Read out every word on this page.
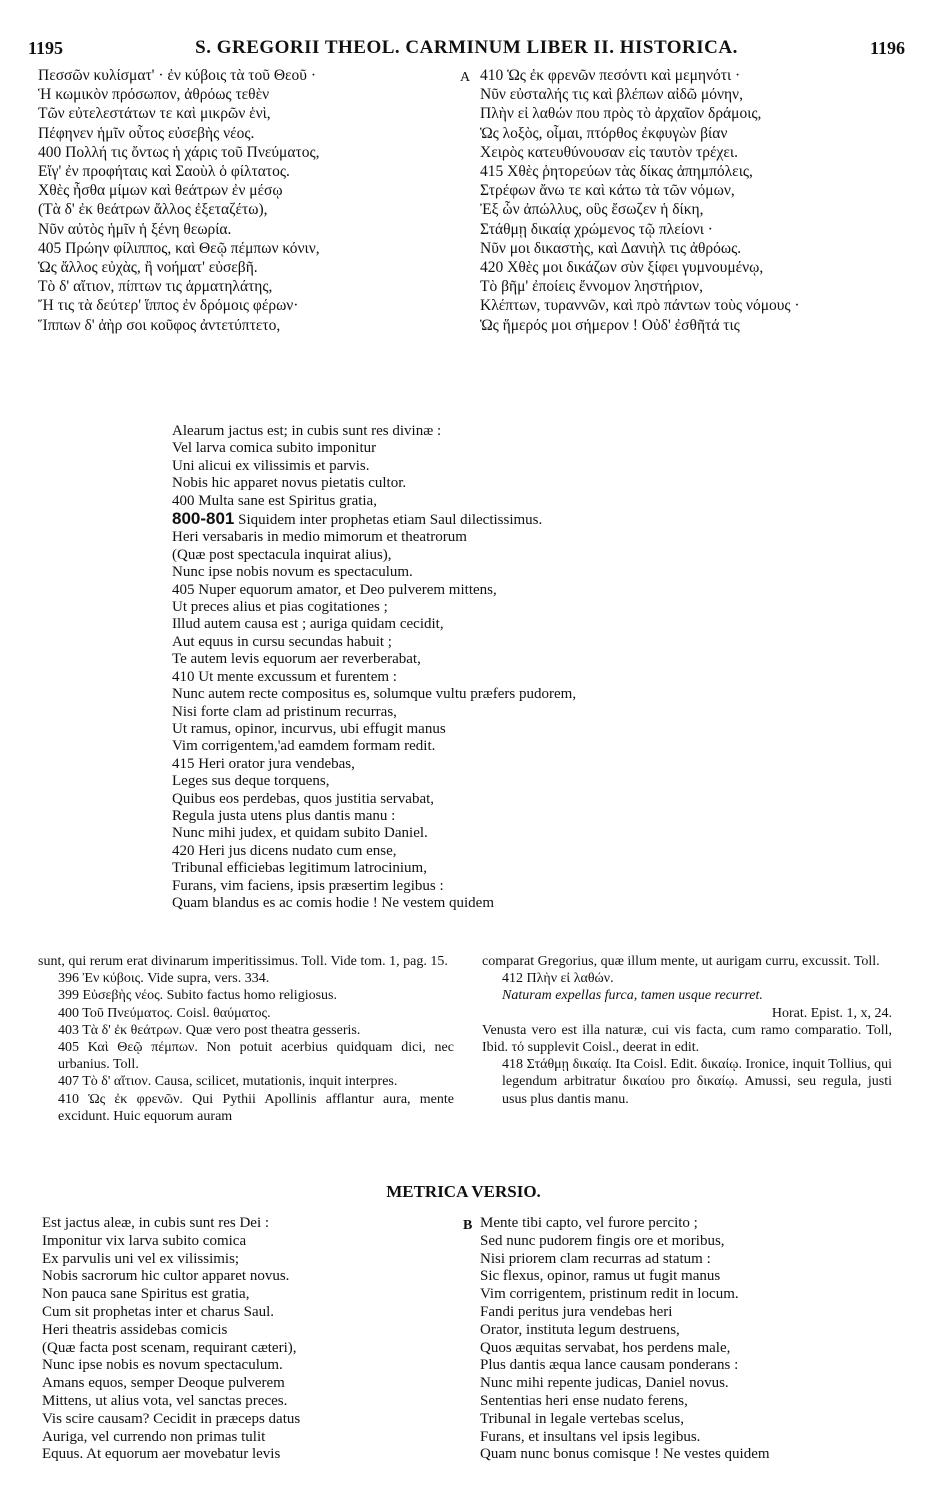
1195	S. GREGORII THEOL. CARMINUM LIBER II. HISTORICA.	1196
Πεσσῶν κυλίσματ' · ἐν κύβοις τὰ τοῦ Θεοῦ ·
Ἡ κωμικὸν πρόσωπον, ἀθρόως τεθὲν
Τῶν εὐτελεστάτων τε καὶ μικρῶν ἑνὶ,
Πέφηνεν ἡμῖν οὗτος εὐσεβὴς νέος.
400 Πολλή τις ὄντως ἡ χάρις τοῦ Πνεύματος,
Εἴγ' ἐν προφήταις καὶ Σαοὺλ ὁ φίλτατος.
Χθὲς ἦσθα μίμων καὶ θεάτρων ἐν μέσῳ
(Τὰ δ' ἐκ θεάτρων ἄλλος ἐξεταζέτω),
Νῦν αὐτὸς ἡμῖν ἡ ξένη θεωρία.
405 Πρώην φίλιππος, καὶ Θεῷ πέμπων κόνιν,
Ὡς ἄλλος εὐχὰς, ἢ νοήματ' εὐσεβῆ.
Τὸ δ' αἴτιον, πίπτων τις ἁρματηλάτης,
Ἤ τις τὰ δεύτερ' ἵππος ἐν δρόμοις φέρων·
Ἵππων δ' ἀὴρ σοι κοῦφος ἀντετύπτετο,
A 410 Ὡς ἐκ φρενῶν πεσόντι καὶ μεμηνότι ·
Νῦν εὐσταλής τις καὶ βλέπων αἰδῶ μόνην,
Πλὴν εἰ λαθών που πρὸς τὸ ἀρχαῖον δράμοις,
Ὡς λοξὸς, οἶμαι, πτόρθος ἐκφυγὼν βίαν
Χειρὸς κατευθύνουσαν εἰς ταυτὸν τρέχει.
415 Χθὲς ῥητορεύων τὰς δίκας ἀπημπόλεις,
Στρέφων ἄνω τε καὶ κάτω τὰ τῶν νόμων,
Ἐξ ὧν ἀπώλλυς, οὓς ἔσωζεν ἡ δίκη,
Στάθμῃ δικαίᾳ χρώμενος τῷ πλείονι ·
Νῦν μοι δικαστὴς, καὶ Δανιὴλ τις ἀθρόως.
420 Χθὲς μοι δικάζων σὺν ξίφει γυμνουμένῳ,
Τὸ βῆμ' ἐποίεις ἔννομον ληστήριον,
Κλέπτων, τυραννῶν, καὶ πρὸ πάντων τοὺς νόμους ·
Ὡς ἥμερός μοι σήμερον ! Οὐδ' ἐσθῆτά τις
Alearum jactus est; in cubis sunt res divinæ :
Vel larva comica subito imponitur
Uni alicui ex vilissimis et parvis.
Nobis hic apparet novus pietatis cultor.
400 Multa sane est Spiritus gratia,
800-801 Siquidem inter prophetas etiam Saul dilectissimus.
Heri versabaris in medio mimorum et theatrorum
(Quæ post spectacula inquirat alius),
Nunc ipse nobis novum es spectaculum.
405 Nuper equorum amator, et Deo pulverem mittens,
Ut preces alius et pias cogitationes ;
Illud autem causa est ; auriga quidam cecidit,
Aut equus in cursu secundas habuit ;
Te autem levis equorum aer reverberabat,
410 Ut mente excussum et furentem :
Nunc autem recte compositus es, solumque vultu præfers pudorem,
Nisi forte clam ad pristinum recurras,
Ut ramus, opinor, incurvus, ubi effugit manus
Vim corrigentem,'ad eamdem formam redit.
415 Heri orator jura vendebas,
Leges sus deque torquens,
Quibus eos perdebas, quos justitia servabat,
Regula justa utens plus dantis manu :
Nunc mihi judex, et quidam subito Daniel.
420 Heri jus dicens nudato cum ense,
Tribunal efficiebas legitimum latrocinium,
Furans, vim faciens, ipsis præsertim legibus :
Quam blandus es ac comis hodie ! Ne vestem quidem

sunt, qui rerum erat divinarum imperitissimus. Toll. Vide tom. 1, pag. 15.

396 Ἐν κύβοις. Vide supra, vers. 334.

399 Εὐσεβὴς νέος. Subito factus homo religiosus.

400 Τοῦ Πνεύματος. Coisl. θαύματος.

403 Τὰ δ' ἐκ θεάτρων. Quæ vero post theatra gesseris.

405 Καὶ Θεῷ πέμπων. Non potuit acerbius quidquam dici, nec urbanius. Toll.

407 Τὸ δ' αἴτιον. Causa, scilicet, mutationis, inquit interpres.

410 Ὡς ἐκ φρενῶν. Qui Pythii Apollinis afflantur aura, mente excidunt. Huic equorum auram

comparat Gregorius, quæ illum mente, ut aurigam curru, excussit. Toll.

412 Πλὴν εἰ λαθών.

Naturam expellas furca, tamen usque recurret.

Horat. Epist. 1, x, 24.

Venusta vero est illa naturæ, cui vis facta, cum ramo comparatio. Toll, Ibid. τό supplevit Coisl., deerat in edit.

418 Στάθμῃ δικαίᾳ. Ita Coisl. Edit. δικαίῳ. Ironice, inquit Tollius, qui legendum arbitratur δικαίου pro δικαίῳ. Amussi, seu regula, justi usus plus dantis manu.

METRICA VERSIO.
Est jactus aleæ, in cubis sunt res Dei :
Imponitur vix larva subito comica
Ex parvulis uni vel ex vilissimis;
Nobis sacrorum hic cultor apparet novus.
Non pauca sane Spiritus est gratia,
Cum sit prophetas inter et charus Saul.
Heri theatris assidebas comicis
(Quæ facta post scenam, requirant cæteri),
Nunc ipse nobis es novum spectaculum.
Amans equos, semper Deoque pulverem
Mittens, ut alius vota, vel sanctas preces.
Vis scire causam? Cecidit in præceps datus
Auriga, vel currendo non primas tulit
Equus. At equorum aer movebatur levis
B Mente tibi capto, vel furore percito ;
Sed nunc pudorem fingis ore et moribus,
Nisi priorem clam recurras ad statum :
Sic flexus, opinor, ramus ut fugit manus
Vim corrigentem, pristinum redit in locum.
Fandi peritus jura vendebas heri
Orator, instituta legum destruens,
Quos æquitas servabat, hos perdens male,
Plus dantis æqua lance causam ponderans :
Nunc mihi repente judicas, Daniel novus.
Sententias heri ense nudato ferens,
Tribunal in legale vertebas scelus,
Furans, et insultans vel ipsis legibus.
Quam nunc bonus comisque ! Ne vestes quidem
